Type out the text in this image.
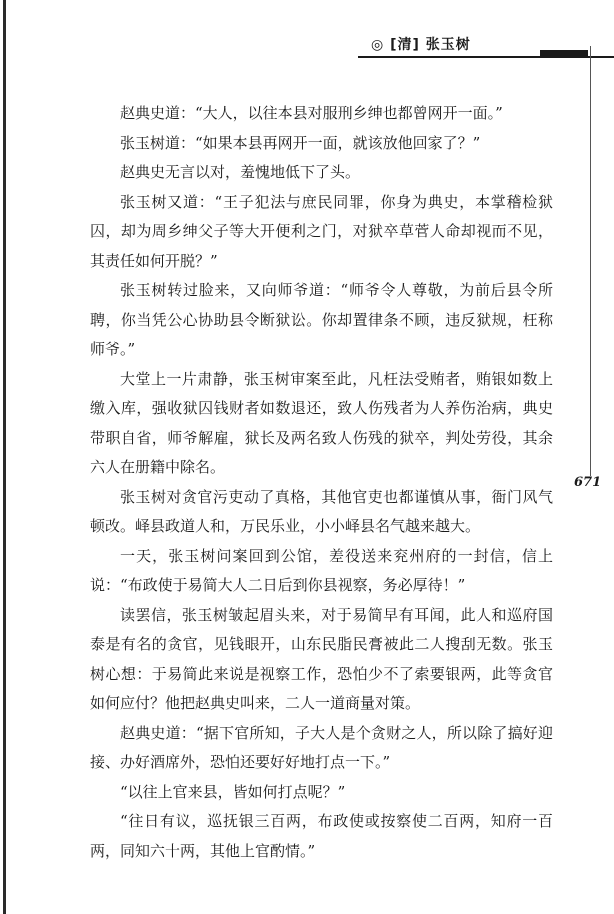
◎ [清] 张玉树
671

赵典史道：“大人，以往本县对服刑乡绅也都曾网开一面。”

张玉树道：“如果本县再网开一面，就该放他回家了？”

赵典史无言以对，羞愧地低下了头。

张玉树又道：“王子犯法与庶民同罪，你身为典史，本掌稽检狱囚，却为周乡绅父子等大开便利之门，对狱卒草菅人命却视而不见，其责任如何开脱？”

张玉树转过脸来，又向师爷道：“师爷令人尊敬，为前后县令所聘，你当凭公心协助县令断狱讼。你却置律条不顾，违反狱规，枉称师爷。”

大堂上一片肃静，张玉树审案至此，凡枉法受贿者，贿银如数上缴入库，强收狱囚钱财者如数退还，致人伤残者为人养伤治病，典史带职自省，师爷解雇，狱长及两名致人伤残的狱卒，判处劳役，其余六人在册籍中除名。

张玉树对贪官污吏动了真格，其他官吏也都谨慎从事，衙门风气顿改。峄县政道人和，万民乐业，小小峄县名气越来越大。

一天，张玉树问案回到公馆，差役送来兖州府的一封信，信上说：“布政使于易简大人二日后到你县视察，务必厚待！”

读罢信，张玉树皱起眉头来，对于易简早有耳闻，此人和巡府国泰是有名的贪官，见钱眼开，山东民脂民膏被此二人搜刮无数。张玉树心想：于易简此来说是视察工作，恐怕少不了索要银两，此等贪官如何应付？他把赵典史叫来，二人一道商量对策。

赵典史道：“据下官所知，子大人是个贪财之人，所以除了搞好迎接、办好酒席外，恐怕还要好好地打点一下。”

“以往上官来县，皆如何打点呢？”

“往日有议，巡抚银三百两，布政使或按察使二百两，知府一百两，同知六十两，其他上官酌情。”
